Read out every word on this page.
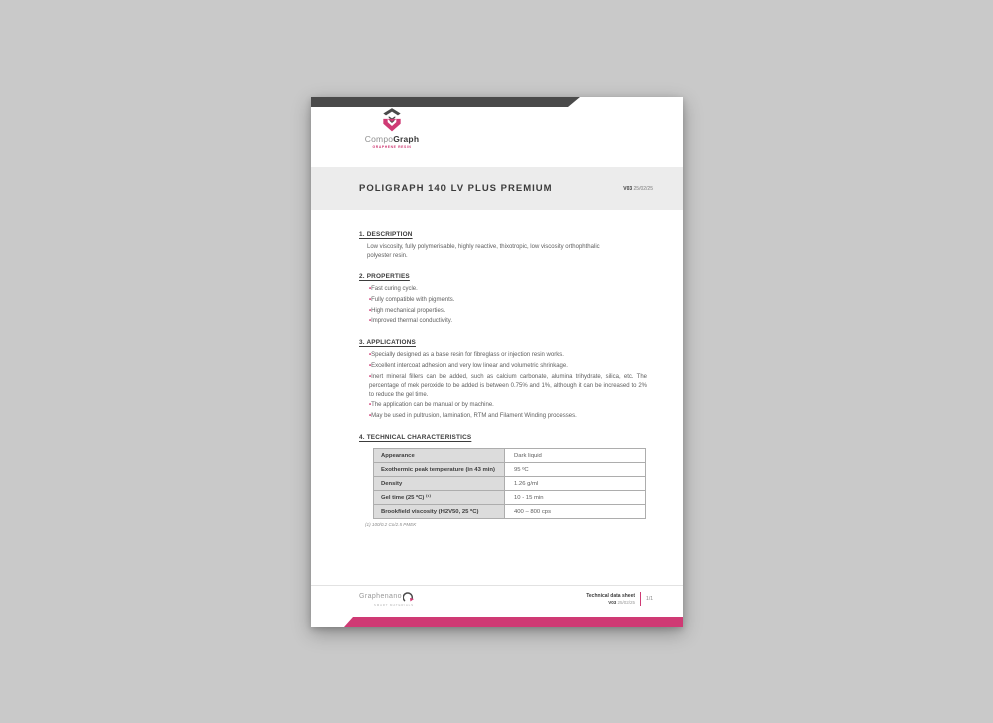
CompoGraph
GRAPHENE RESIN
POLIGRAPH 140 LV PLUS PREMIUM	V03 25/02/25
1. DESCRIPTION
Low viscosity, fully polymerisable, highly reactive, thixotropic, low viscosity orthophthalic polyester resin.
2. PROPERTIES
• Fast curing cycle.
• Fully compatible with pigments.
• High mechanical properties.
• Improved thermal conductivity.
3. APPLICATIONS
• Specially designed as a base resin for fibreglass or injection resin works.
• Excellent intercoat adhesion and very low linear and volumetric shrinkage.
• Inert mineral fillers can be added, such as calcium carbonate, alumina trihydrate, silica, etc. The percentage of mek peroxide to be added is between 0.75% and 1%, although it can be increased to 2% to reduce the gel time.
• The application can be manual or by machine.
• May be used in pultrusion, lamination, RTM and Filament Winding processes.
4. TECHNICAL CHARACTERISTICS
Appearance	Dark liquid
Exothermic peak temperature (in 43 min)	95 ºC
Density	1.26 g/ml
Gel time (25 ºC) ⁽¹⁾	10 - 15 min
Brookfield viscosity (H2V50, 25 ºC)	400 – 800 cps
(1) 100/0.2 Co/2.5 PMEK
Graphenano
SMART MATERIALS
Technical data sheet
V03 25/02/25
1/1
